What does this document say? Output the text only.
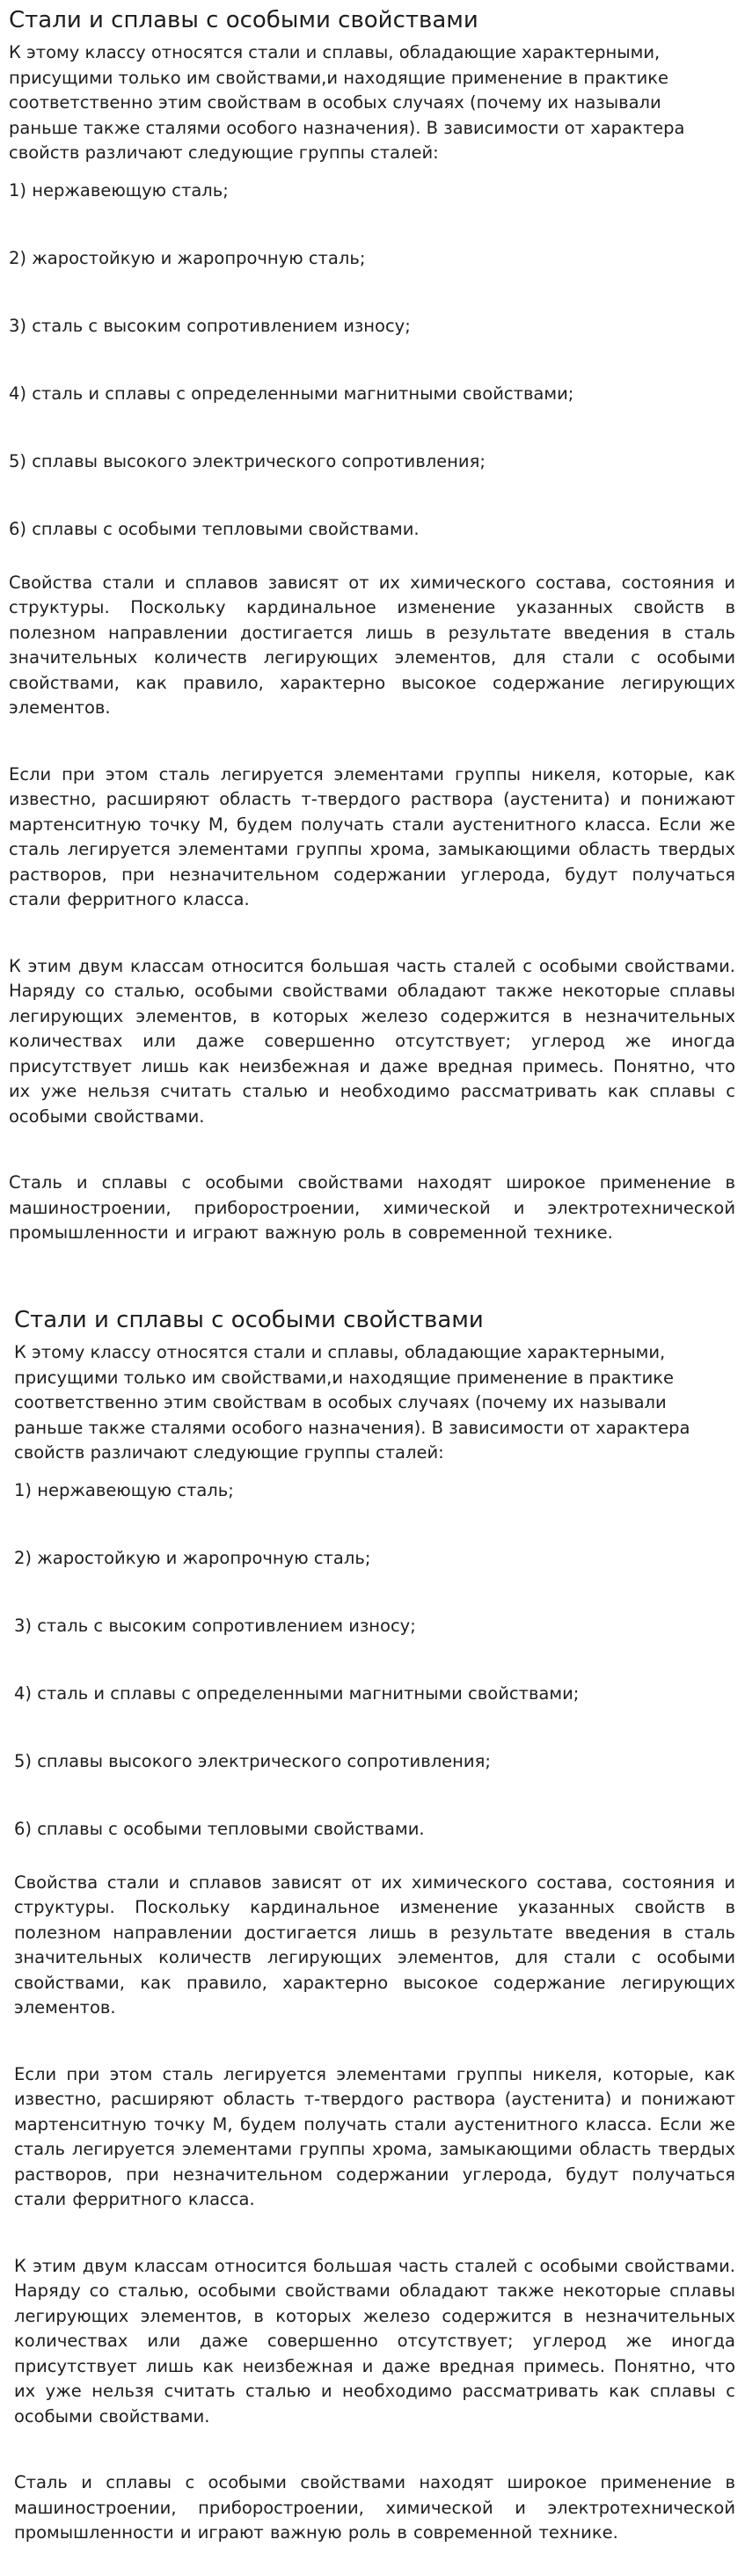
Стали и сплавы с особыми свойствами

К этому классу относятся стали и сплавы, обладающие характерными, присущими только им свойствами,и находящие применение в практике соответственно этим свойствам в особых случаях (почему их называли раньше также сталями особого назначения). В зависимости от характера свойств различают следующие группы сталей:

1) нержавеющую сталь;
2) жаростойкую и жаропрочную сталь;
3) сталь с высоким сопротивлением износу;
4) сталь и сплавы с определенными магнитными свойствами;
5) сплавы высокого электрического сопротивления;
6) сплавы с особыми тепловыми свойствами.

Свойства стали и сплавов зависят от их химического состава, состояния и структуры. Поскольку кардинальное изменение указанных свойств в полезном направлении достигается лишь в результате введения в сталь значительных количеств легирующих элементов, для стали с особыми свойствами, как правило, характерно высокое содержание легирующих элементов.

Если при этом сталь легируется элементами группы никеля, которые, как известно, расширяют область т-твердого раствора (аустенита) и понижают мартенситную точку М, будем получать стали аустенитного класса. Если же сталь легируется элементами группы хрома, замыкающими область твердых растворов, при незначительном содержании углерода, будут получаться стали ферритного класса.

К этим двум классам относится большая часть сталей с особыми свойствами. Наряду со сталью, особыми свойствами обладают также некоторые сплавы легирующих элементов, в которых железо содержится в незначительных количествах или даже совершенно отсутствует; углерод же иногда присутствует лишь как неизбежная и даже вредная примесь. Понятно, что их уже нельзя считать сталью и необходимо рассматривать как сплавы с особыми свойствами.

Сталь и сплавы с особыми свойствами находят широкое применение в машиностроении, приборостроении, химической и электротехнической промышленности и играют важную роль в современной технике.

Стали и сплавы с особыми свойствами

К этому классу относятся стали и сплавы, обладающие характерными, присущими только им свойствами,и находящие применение в практике соответственно этим свойствам в особых случаях (почему их называли раньше также сталями особого назначения). В зависимости от характера свойств различают следующие группы сталей:

1) нержавеющую сталь;
2) жаростойкую и жаропрочную сталь;
3) сталь с высоким сопротивлением износу;
4) сталь и сплавы с определенными магнитными свойствами;
5) сплавы высокого электрического сопротивления;
6) сплавы с особыми тепловыми свойствами.

Свойства стали и сплавов зависят от их химического состава, состояния и структуры. Поскольку кардинальное изменение указанных свойств в полезном направлении достигается лишь в результате введения в сталь значительных количеств легирующих элементов, для стали с особыми свойствами, как правило, характерно высокое содержание легирующих элементов.

Если при этом сталь легируется элементами группы никеля, которые, как известно, расширяют область т-твердого раствора (аустенита) и понижают мартенситную точку М, будем получать стали аустенитного класса. Если же сталь легируется элементами группы хрома, замыкающими область твердых растворов, при незначительном содержании углерода, будут получаться стали ферритного класса.

К этим двум классам относится большая часть сталей с особыми свойствами. Наряду со сталью, особыми свойствами обладают также некоторые сплавы легирующих элементов, в которых железо содержится в незначительных количествах или даже совершенно отсутствует; углерод же иногда присутствует лишь как неизбежная и даже вредная примесь. Понятно, что их уже нельзя считать сталью и необходимо рассматривать как сплавы с особыми свойствами.

Сталь и сплавы с особыми свойствами находят широкое применение в машиностроении, приборостроении, химической и электротехнической промышленности и играют важную роль в современной технике.
